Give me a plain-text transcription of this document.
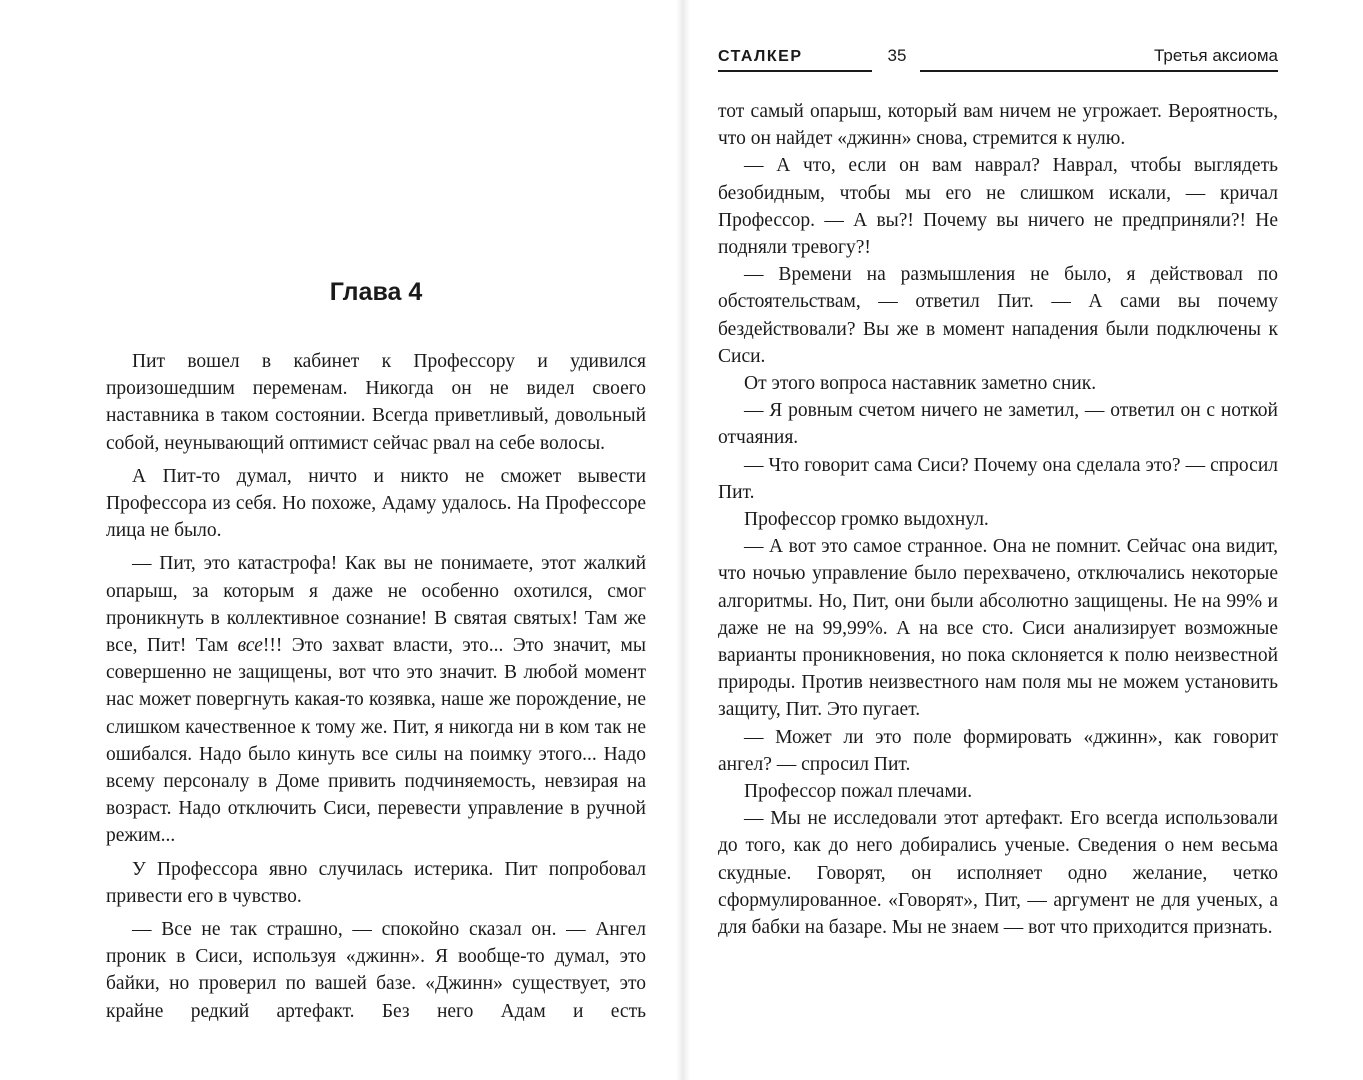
Глава 4

Пит вошел в кабинет к Профессору и удивился произошедшим переменам. Никогда он не видел своего наставника в таком состоянии. Всегда приветливый, довольный собой, неунывающий оптимист сейчас рвал на себе волосы.

А Пит-то думал, ничто и никто не сможет вывести Профессора из себя. Но похоже, Адаму удалось. На Профессоре лица не было.

— Пит, это катастрофа! Как вы не понимаете, этот жалкий опарыш, за которым я даже не особенно охотился, смог проникнуть в коллективное сознание! В святая святых! Там же все, Пит! Там все!!! Это захват власти, это... Это значит, мы совершенно не защищены, вот что это значит. В любой момент нас может повергнуть какая-то козявка, наше же порождение, не слишком качественное к тому же. Пит, я никогда ни в ком так не ошибался. Надо было кинуть все силы на поимку этого... Надо всему персоналу в Доме привить подчиняемость, невзирая на возраст. Надо отключить Сиси, перевести управление в ручной режим...

У Профессора явно случилась истерика. Пит попробовал привести его в чувство.

— Все не так страшно, — спокойно сказал он. — Ангел проник в Сиси, используя «джинн». Я вообще-то думал, это байки, но проверил по вашей базе. «Джинн» существует, это крайне редкий артефакт. Без него Адам и есть

СТАЛКЕР	35	Третья аксиома

тот самый опарыш, который вам ничем не угрожает. Вероятность, что он найдет «джинн» снова, стремится к нулю.

— А что, если он вам наврал? Наврал, чтобы выглядеть безобидным, чтобы мы его не слишком искали, — кричал Профессор. — А вы?! Почему вы ничего не предприняли?! Не подняли тревогу?!

— Времени на размышления не было, я действовал по обстоятельствам, — ответил Пит. — А сами вы почему бездействовали? Вы же в момент нападения были подключены к Сиси.

От этого вопроса наставник заметно сник.

— Я ровным счетом ничего не заметил, — ответил он с ноткой отчаяния.

— Что говорит сама Сиси? Почему она сделала это? — спросил Пит.

Профессор громко выдохнул.

— А вот это самое странное. Она не помнит. Сейчас она видит, что ночью управление было перехвачено, отключались некоторые алгоритмы. Но, Пит, они были абсолютно защищены. Не на 99% и даже не на 99,99%. А на все сто. Сиси анализирует возможные варианты проникновения, но пока склоняется к полю неизвестной природы. Против неизвестного нам поля мы не можем установить защиту, Пит. Это пугает.

— Может ли это поле формировать «джинн», как говорит ангел? — спросил Пит.

Профессор пожал плечами.

— Мы не исследовали этот артефакт. Его всегда использовали до того, как до него добирались ученые. Сведения о нем весьма скудные. Говорят, он исполняет одно желание, четко сформулированное. «Говорят», Пит, — аргумент не для ученых, а для бабки на базаре. Мы не знаем — вот что приходится признать.
